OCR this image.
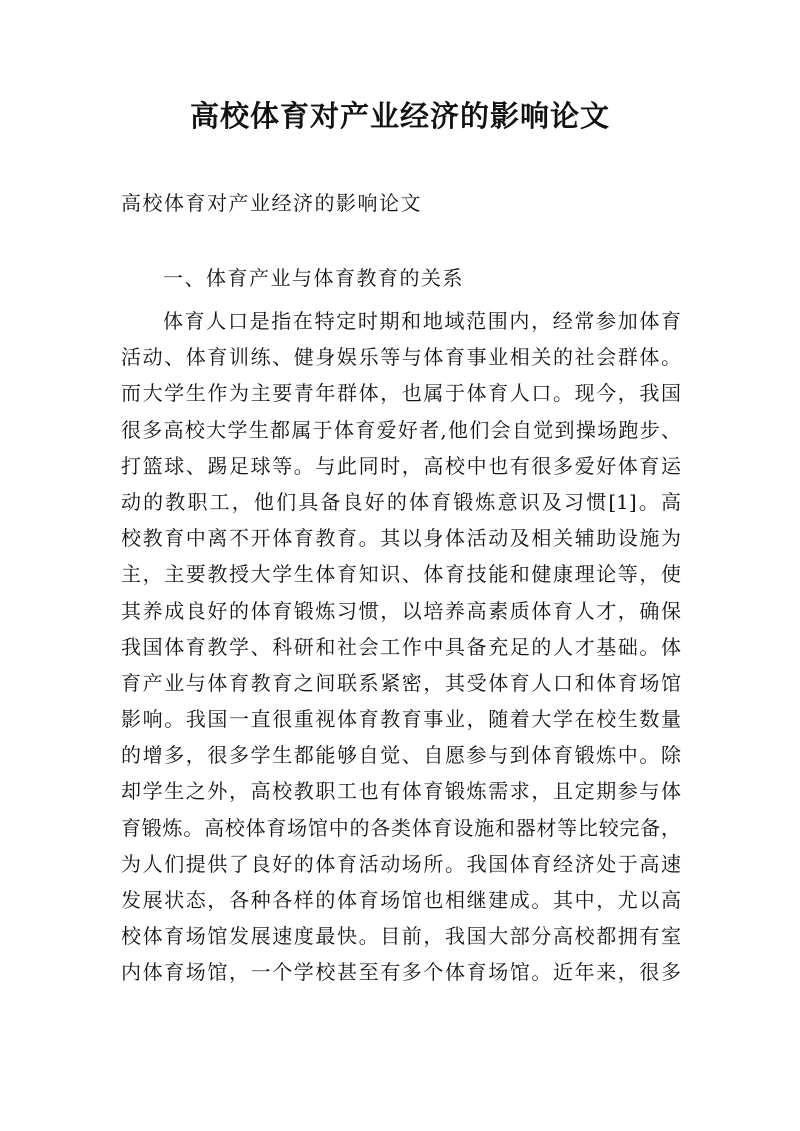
高校体育对产业经济的影响论文

高校体育对产业经济的影响论文

一、体育产业与体育教育的关系

体育人口是指在特定时期和地域范围内，经常参加体育
活动、体育训练、健身娱乐等与体育事业相关的社会群体。
而大学生作为主要青年群体，也属于体育人口。现今，我国
很多高校大学生都属于体育爱好者,他们会自觉到操场跑步、
打篮球、踢足球等。与此同时，高校中也有很多爱好体育运
动的教职工，他们具备良好的体育锻炼意识及习惯[1]。高
校教育中离不开体育教育。其以身体活动及相关辅助设施为
主，主要教授大学生体育知识、体育技能和健康理论等，使
其养成良好的体育锻炼习惯，以培养高素质体育人才，确保
我国体育教学、科研和社会工作中具备充足的人才基础。体
育产业与体育教育之间联系紧密，其受体育人口和体育场馆
影响。我国一直很重视体育教育事业，随着大学在校生数量
的增多，很多学生都能够自觉、自愿参与到体育锻炼中。除
却学生之外，高校教职工也有体育锻炼需求，且定期参与体
育锻炼。高校体育场馆中的各类体育设施和器材等比较完备，
为人们提供了良好的体育活动场所。我国体育经济处于高速
发展状态，各种各样的体育场馆也相继建成。其中，尤以高
校体育场馆发展速度最快。目前，我国大部分高校都拥有室
内体育场馆，一个学校甚至有多个体育场馆。近年来，很多
